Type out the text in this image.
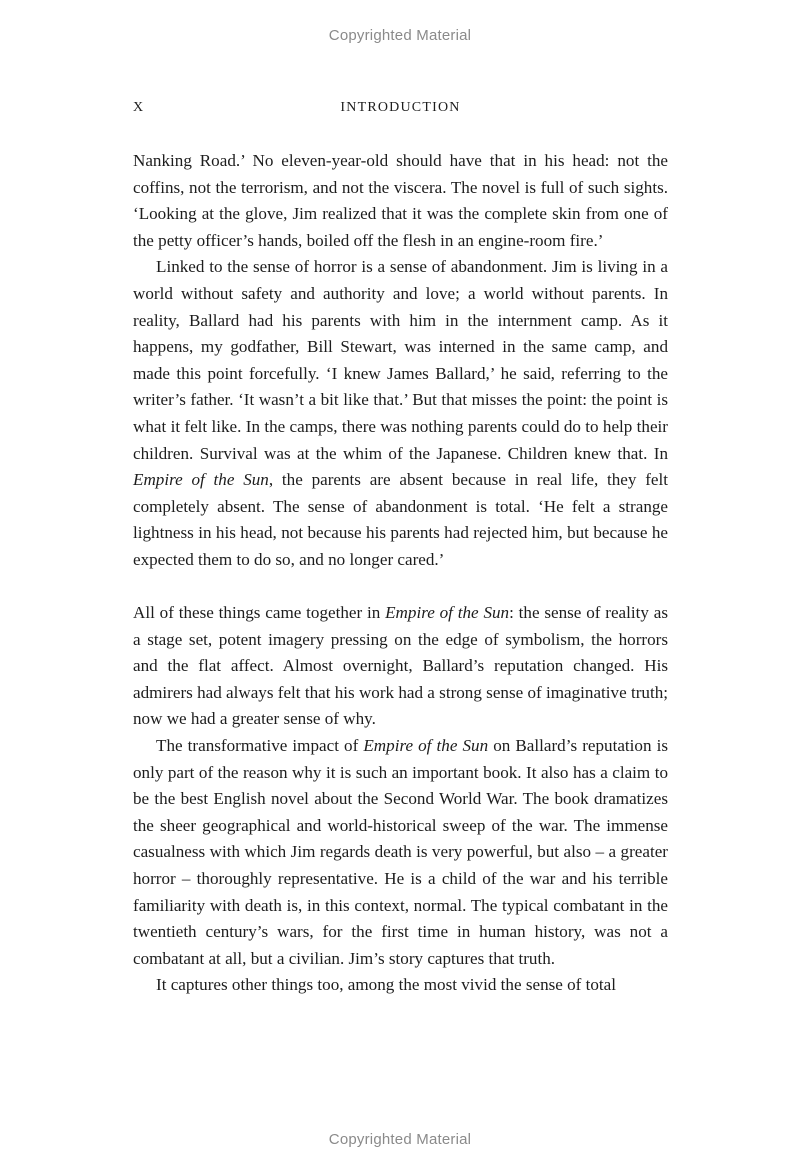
Copyrighted Material
X	INTRODUCTION

Nanking Road.’ No eleven-year-old should have that in his head: not the coffins, not the terrorism, and not the viscera. The novel is full of such sights. ‘Looking at the glove, Jim realized that it was the complete skin from one of the petty officer’s hands, boiled off the flesh in an engine-room fire.’

Linked to the sense of horror is a sense of abandonment. Jim is living in a world without safety and authority and love; a world without parents. In reality, Ballard had his parents with him in the internment camp. As it happens, my godfather, Bill Stewart, was interned in the same camp, and made this point forcefully. ‘I knew James Ballard,’ he said, referring to the writer’s father. ‘It wasn’t a bit like that.’ But that misses the point: the point is what it felt like. In the camps, there was nothing parents could do to help their children. Survival was at the whim of the Japanese. Children knew that. In Empire of the Sun, the parents are absent because in real life, they felt completely absent. The sense of abandonment is total. ‘He felt a strange lightness in his head, not because his parents had rejected him, but because he expected them to do so, and no longer cared.’

All of these things came together in Empire of the Sun: the sense of reality as a stage set, potent imagery pressing on the edge of symbolism, the horrors and the flat affect. Almost overnight, Ballard’s reputation changed. His admirers had always felt that his work had a strong sense of imaginative truth; now we had a greater sense of why.

The transformative impact of Empire of the Sun on Ballard’s reputation is only part of the reason why it is such an important book. It also has a claim to be the best English novel about the Second World War. The book dramatizes the sheer geographical and world-historical sweep of the war. The immense casualness with which Jim regards death is very powerful, but also – a greater horror – thoroughly representative. He is a child of the war and his terrible familiarity with death is, in this context, normal. The typical combatant in the twentieth century’s wars, for the first time in human history, was not a combatant at all, but a civilian. Jim’s story captures that truth.

It captures other things too, among the most vivid the sense of total

Copyrighted Material
